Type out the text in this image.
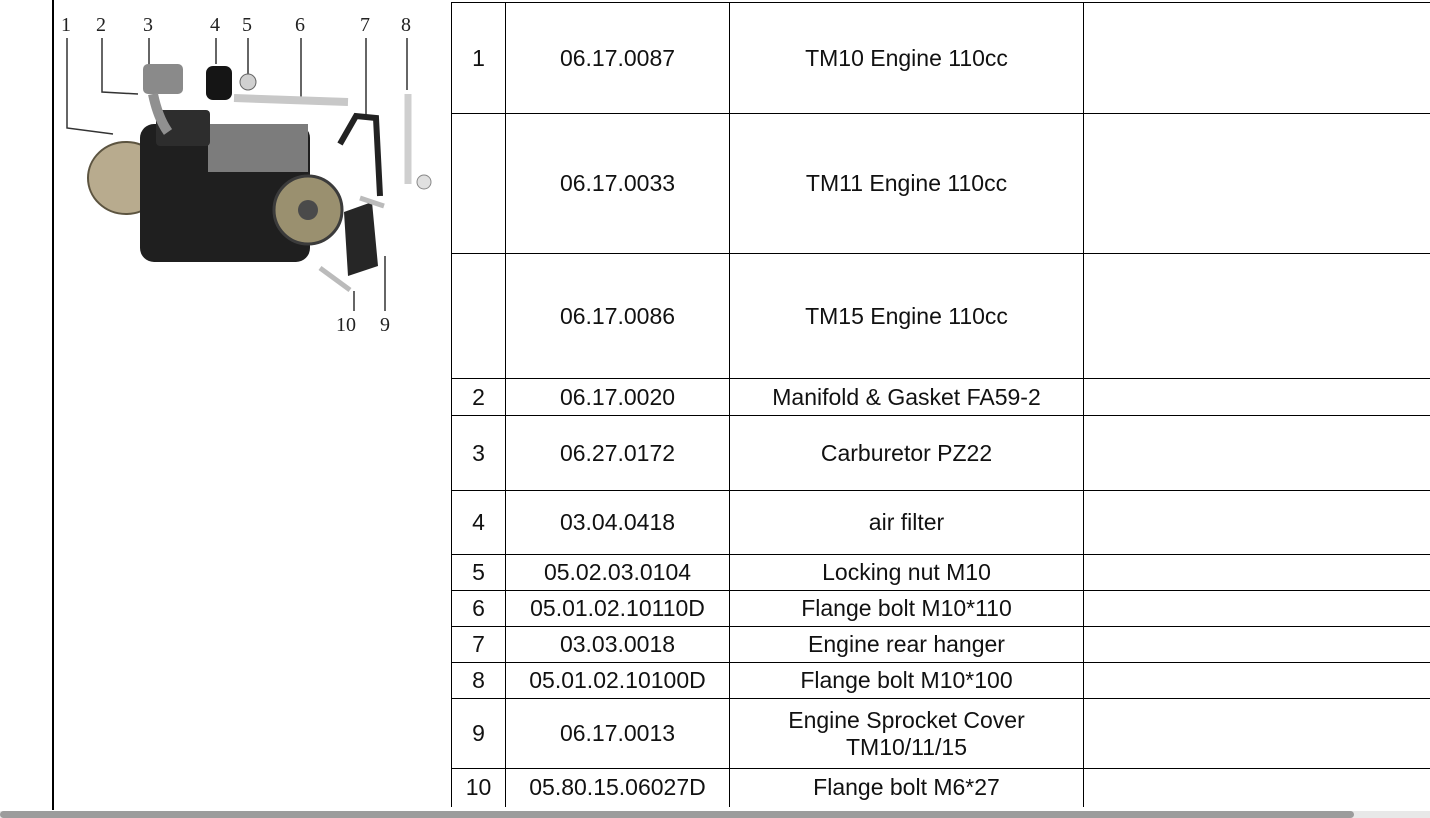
1 2 3	4 5 6	7 8
10 9
1	06.17.0087	TM10 Engine 110cc	
	06.17.0033	TM11 Engine 110cc	
	06.17.0086	TM15 Engine 110cc	
2	06.17.0020	Manifold & Gasket FA59-2	
3	06.27.0172	Carburetor PZ22	
4	03.04.0418	air filter	
5	05.02.03.0104	Locking nut M10	
6	05.01.02.10110D	Flange bolt M10*110	
7	03.03.0018	Engine rear hanger	
8	05.01.02.10100D	Flange bolt M10*100	
9	06.17.0013	Engine Sprocket Cover TM10/11/15	
10	05.80.15.06027D	Flange bolt M6*27	
